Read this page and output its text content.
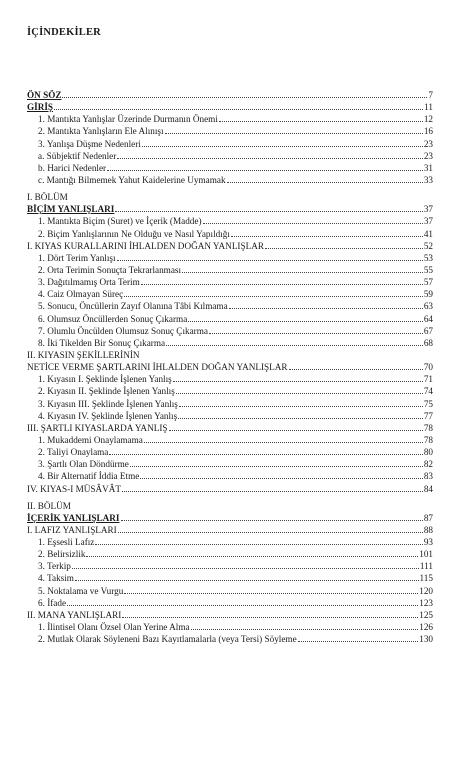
İÇİNDEKİLER
ÖN SÖZ	7
GİRİŞ	11
1. Mantıkta Yanlışlar Üzerinde Durmanın Önemi	12
2. Mantıkta Yanlışların Ele Alınışı	16
3. Yanlışa Düşme Nedenleri	23
a. Sübjektif Nedenler	23
b. Harici Nedenler	31
c. Mantığı Bilmemek Yahut Kaidelerine Uymamak	33
I. BÖLÜM
BİÇİM YANLIŞLARI	37
1. Mantıkta Biçim (Suret) ve İçerik (Madde)	37
2. Biçim Yanlışlarının Ne Olduğu ve Nasıl Yapıldığı	41
I. KIYAS KURALLARINI İHLALDEN DOĞAN YANLIŞLAR	52
1. Dört Terim Yanlışı	53
2. Orta Terimin Sonuçta Tekrarlanması	55
3. Dağıtılmamış Orta Terim	57
4. Caiz Olmayan Süreç	59
5. Sonucu, Öncüllerin Zayıf Olanına Tâbi Kılmama	63
6. Olumsuz Öncüllerden Sonuç Çıkarma	64
7. Olumlu Öncülden Olumsuz Sonuç Çıkarma	67
8. İki Tikelden Bir Sonuç Çıkarma	68
II. KIYASIN ŞEKİLLERİNİN
NETİCE VERME ŞARTLARINI İHLALDEN DOĞAN YANLIŞLAR	70
1. Kıyasın I. Şeklinde İşlenen Yanlış	71
2. Kıyasın II. Şeklinde İşlenen Yanlış	74
3. Kıyasın III. Şeklinde İşlenen Yanlış	75
4. Kıyasın IV. Şeklinde İşlenen Yanlış	77
III. ŞARTLI KIYASLARDA YANLIŞ	78
1. Mukaddemi Onaylamama	78
2. Taliyi Onaylama	80
3. Şartlı Olan Döndürme	82
4. Bir Alternatif İddia Etme	83
IV. KIYAS-I MÜSÂVÂT	84
II. BÖLÜM
İÇERİK YANLIŞLARI	87
I. LAFIZ YANLIŞLARI	88
1. Eşsesli Lafız	93
2. Belirsizlik	101
3. Terkip	111
4. Taksim	115
5. Noktalama ve Vurgu	120
6. İfade	123
II. MANA YANLIŞLARI	125
1. İlintisel Olanı Özsel Olan Yerine Alma	126
2. Mutlak Olarak Söyleneni Bazı Kayıtlamalarla (veya Tersi) Söyleme	130
